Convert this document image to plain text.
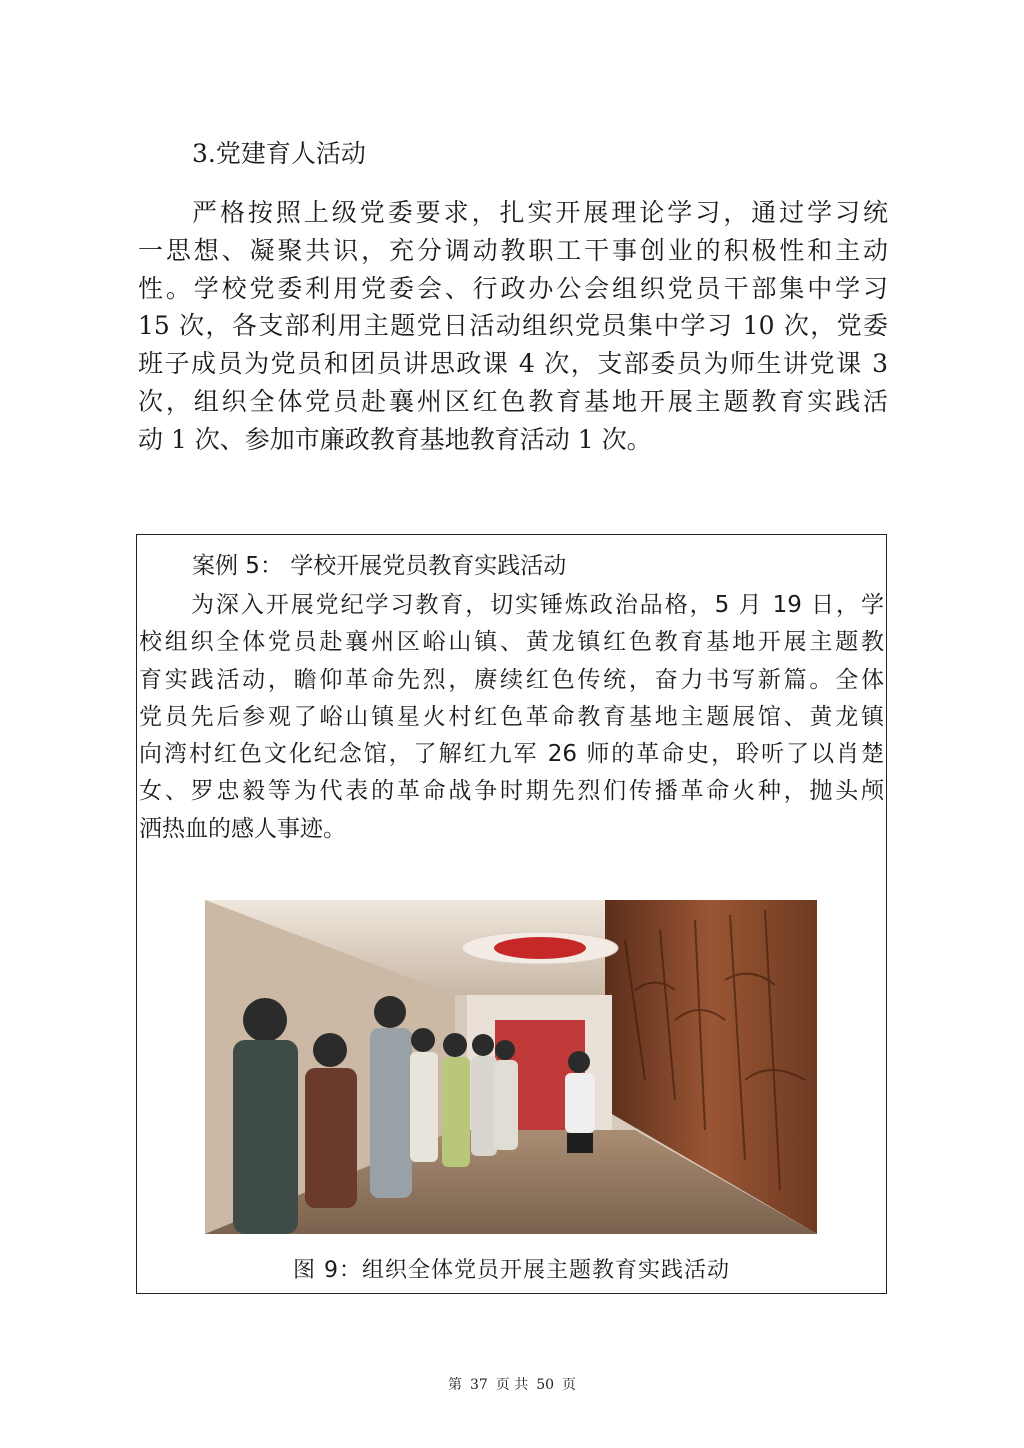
3.党建育人活动
严格按照上级党委要求，扎实开展理论学习，通过学习统
一思想、凝聚共识，充分调动教职工干事创业的积极性和主动
性。学校党委利用党委会、行政办公会组织党员干部集中学习
15 次，各支部利用主题党日活动组织党员集中学习 10 次，党委
班子成员为党员和团员讲思政课 4 次，支部委员为师生讲党课 3
次，组织全体党员赴襄州区红色教育基地开展主题教育实践活
动 1 次、参加市廉政教育基地教育活动 1 次。
案例 5： 学校开展党员教育实践活动
为深入开展党纪学习教育，切实锤炼政治品格，5 月 19 日，学
校组织全体党员赴襄州区峪山镇、黄龙镇红色教育基地开展主题教
育实践活动，瞻仰革命先烈，赓续红色传统，奋力书写新篇。全体
党员先后参观了峪山镇星火村红色革命教育基地主题展馆、黄龙镇
向湾村红色文化纪念馆，了解红九军 26 师的革命史，聆听了以肖楚
女、罗忠毅等为代表的革命战争时期先烈们传播革命火种，抛头颅
洒热血的感人事迹。
图 9：组织全体党员开展主题教育实践活动
第 37 页 共 50 页
